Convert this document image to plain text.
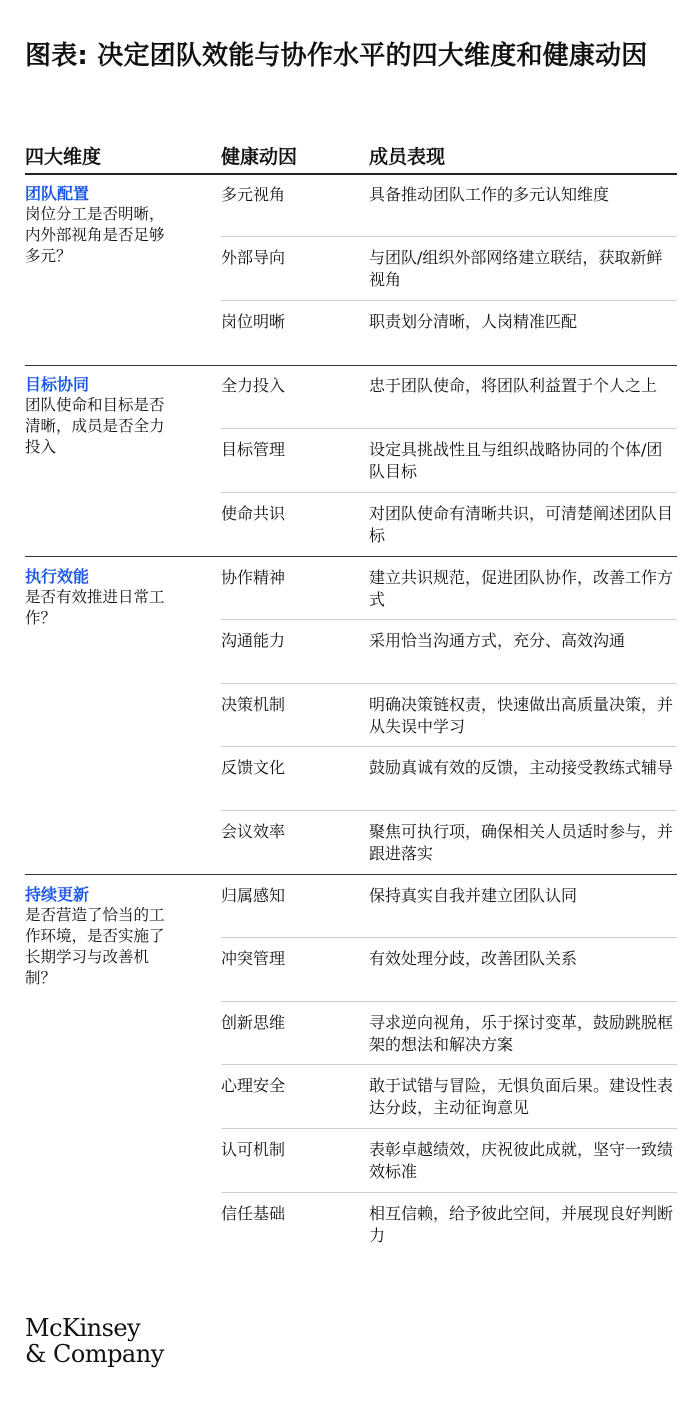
图表: 决定团队效能与协作水平的四大维度和健康动因
四大维度	健康动因	成员表现
团队配置
岗位分工是否明晰，内外部视角是否足够多元？
多元视角	具备推动团队工作的多元认知维度
外部导向	与团队/组织外部网络建立联结，获取新鲜视角
岗位明晰	职责划分清晰，人岗精准匹配
目标协同
团队使命和目标是否清晰，成员是否全力投入
全力投入	忠于团队使命，将团队利益置于个人之上
目标管理	设定具挑战性且与组织战略协同的个体/团队目标
使命共识	对团队使命有清晰共识，可清楚阐述团队目标
执行效能
是否有效推进日常工作？
协作精神	建立共识规范，促进团队协作，改善工作方式
沟通能力	采用恰当沟通方式，充分、高效沟通
决策机制	明确决策链权责，快速做出高质量决策，并从失误中学习
反馈文化	鼓励真诚有效的反馈，主动接受教练式辅导
会议效率	聚焦可执行项，确保相关人员适时参与，并跟进落实
持续更新
是否营造了恰当的工作环境，是否实施了长期学习与改善机制？
归属感知	保持真实自我并建立团队认同
冲突管理	有效处理分歧，改善团队关系
创新思维	寻求逆向视角，乐于探讨变革，鼓励跳脱框架的想法和解决方案
心理安全	敢于试错与冒险，无惧负面后果。建设性表达分歧，主动征询意见
认可机制	表彰卓越绩效，庆祝彼此成就，坚守一致绩效标准
信任基础	相互信赖，给予彼此空间，并展现良好判断力
McKinsey
& Company
